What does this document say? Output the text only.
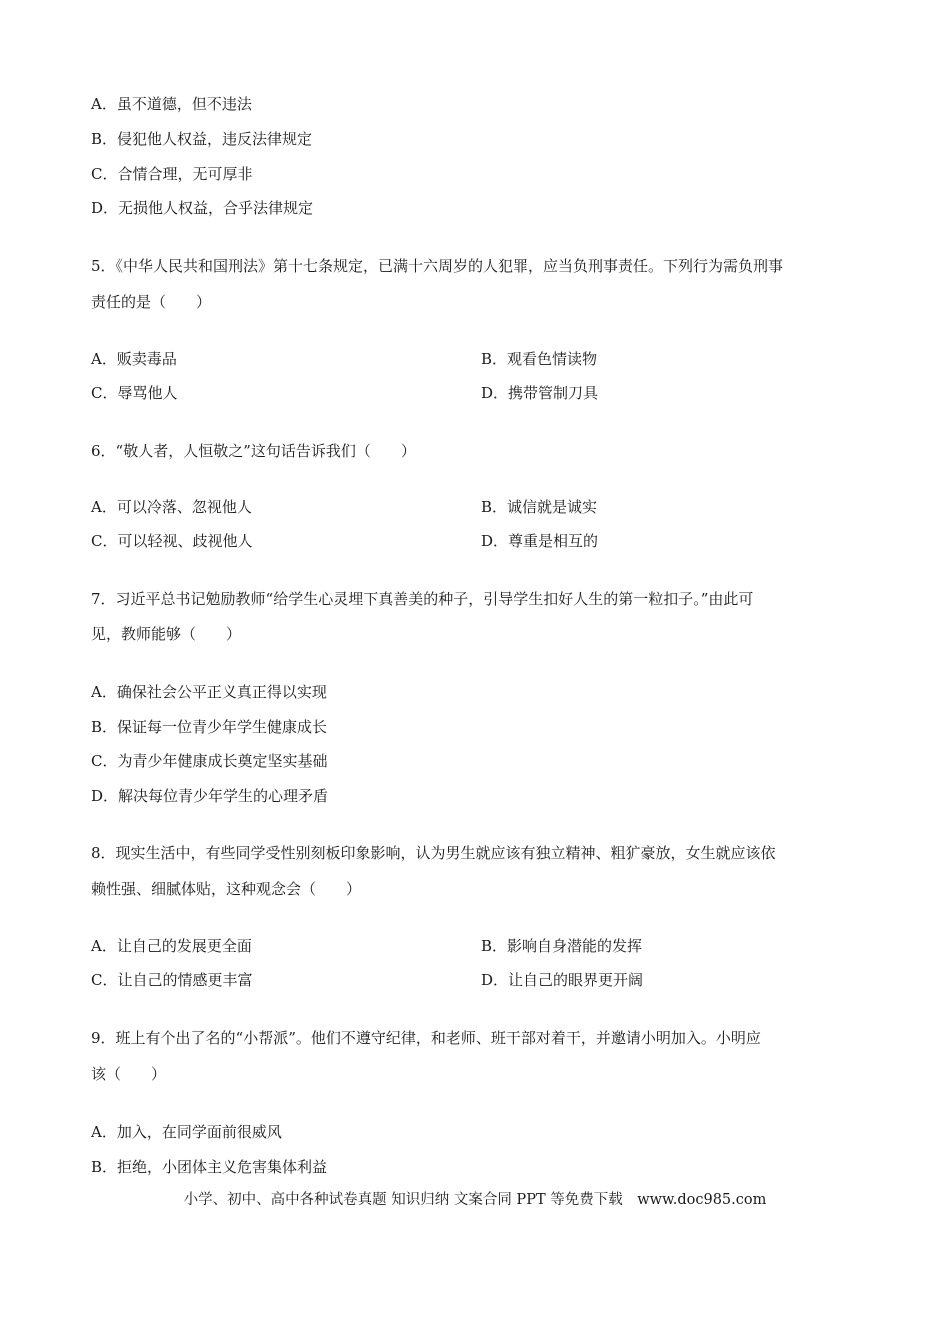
A．虽不道德，但不违法
B．侵犯他人权益，违反法律规定
C．合情合理，无可厚非
D．无损他人权益，合乎法律规定
5．《中华人民共和国刑法》第十七条规定，已满十六周岁的人犯罪，应当负刑事责任。下列行为需负刑事
责任的是（　　）
A．贩卖毒品	B．观看色情读物
C．辱骂他人	D．携带管制刀具
6．“敬人者，人恒敬之”这句话告诉我们（　　）
A．可以冷落、忽视他人	B．诚信就是诚实
C．可以轻视、歧视他人	D．尊重是相互的
7．习近平总书记勉励教师“给学生心灵埋下真善美的种子，引导学生扣好人生的第一粒扣子。”由此可
见，教师能够（　　）
A．确保社会公平正义真正得以实现
B．保证每一位青少年学生健康成长
C．为青少年健康成长奠定坚实基础
D．解决每位青少年学生的心理矛盾
8．现实生活中，有些同学受性别刻板印象影响，认为男生就应该有独立精神、粗犷豪放，女生就应该依
赖性强、细腻体贴，这种观念会（　　）
A．让自己的发展更全面	B．影响自身潜能的发挥
C．让自己的情感更丰富	D．让自己的眼界更开阔
9．班上有个出了名的“小帮派”。他们不遵守纪律，和老师、班干部对着干，并邀请小明加入。小明应
该（　　）
A．加入，在同学面前很威风
B．拒绝，小团体主义危害集体利益
小学、初中、高中各种试卷真题 知识归纳 文案合同 PPT 等免费下载　www.doc985.com
